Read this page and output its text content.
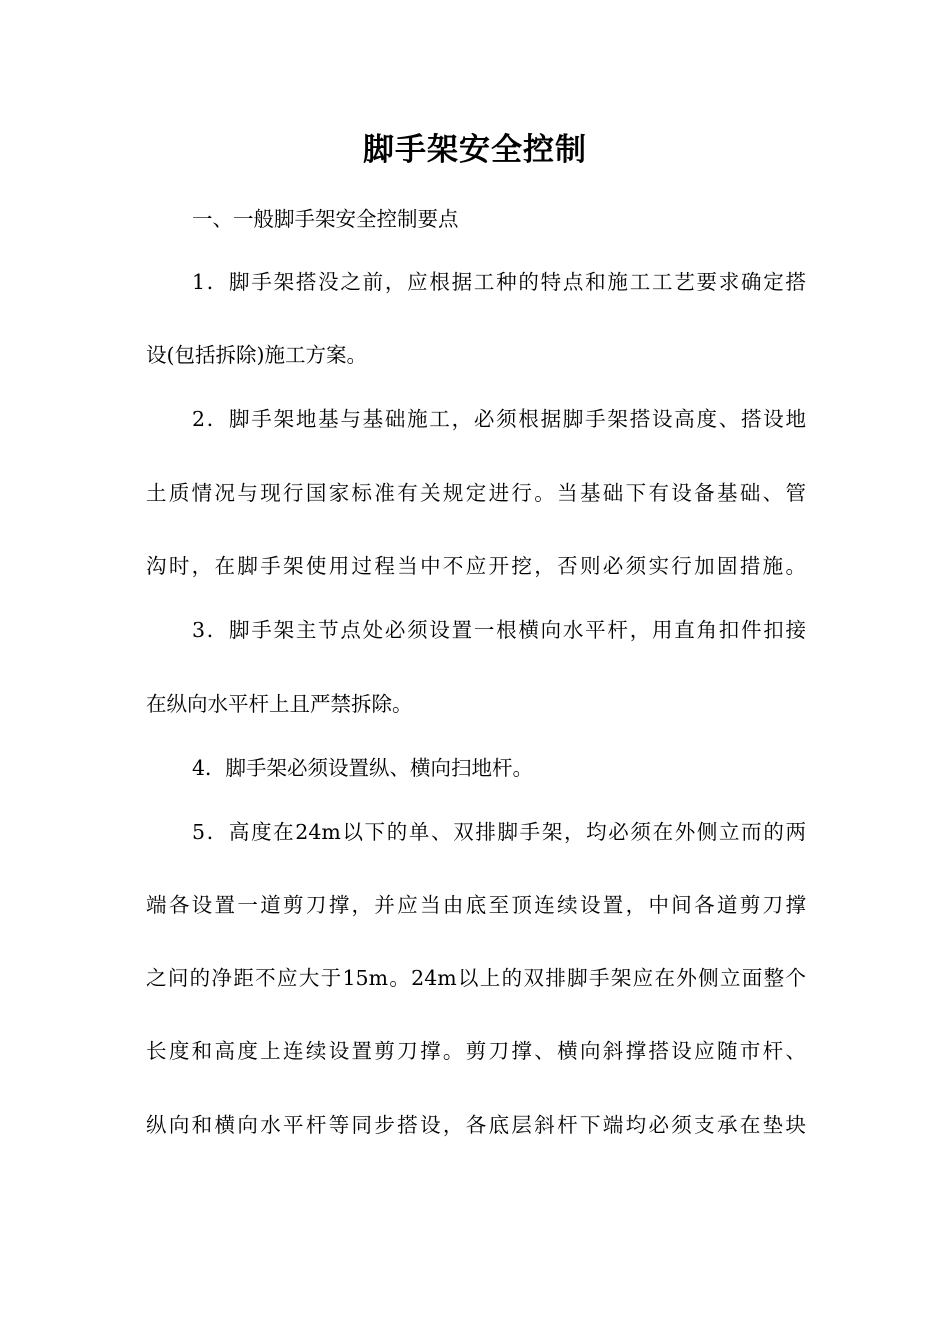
脚手架安全控制
一、一般脚手架安全控制要点
1．脚手架搭没之前，应根据工种的特点和施工工艺要求确定搭
设(包括拆除)施工方案。
2．脚手架地基与基础施工，必须根据脚手架搭设高度、搭设地
土质情况与现行国家标准有关规定进行。当基础下有设备基础、管
沟时，在脚手架使用过程当中不应开挖，否则必须实行加固措施。
3．脚手架主节点处必须设置一根横向水平杆，用直角扣件扣接
在纵向水平杆上且严禁拆除。
4．脚手架必须设置纵、横向扫地杆。
5．高度在24m以下的单、双排脚手架，均必须在外侧立而的两
端各设置一道剪刀撑，并应当由底至顶连续设置，中间各道剪刀撑
之问的净距不应大于15m。24m以上的双排脚手架应在外侧立面整个
长度和高度上连续设置剪刀撑。剪刀撑、横向斜撑搭设应随市杆、
纵向和横向水平杆等同步搭设，各底层斜杆下端均必须支承在垫块
